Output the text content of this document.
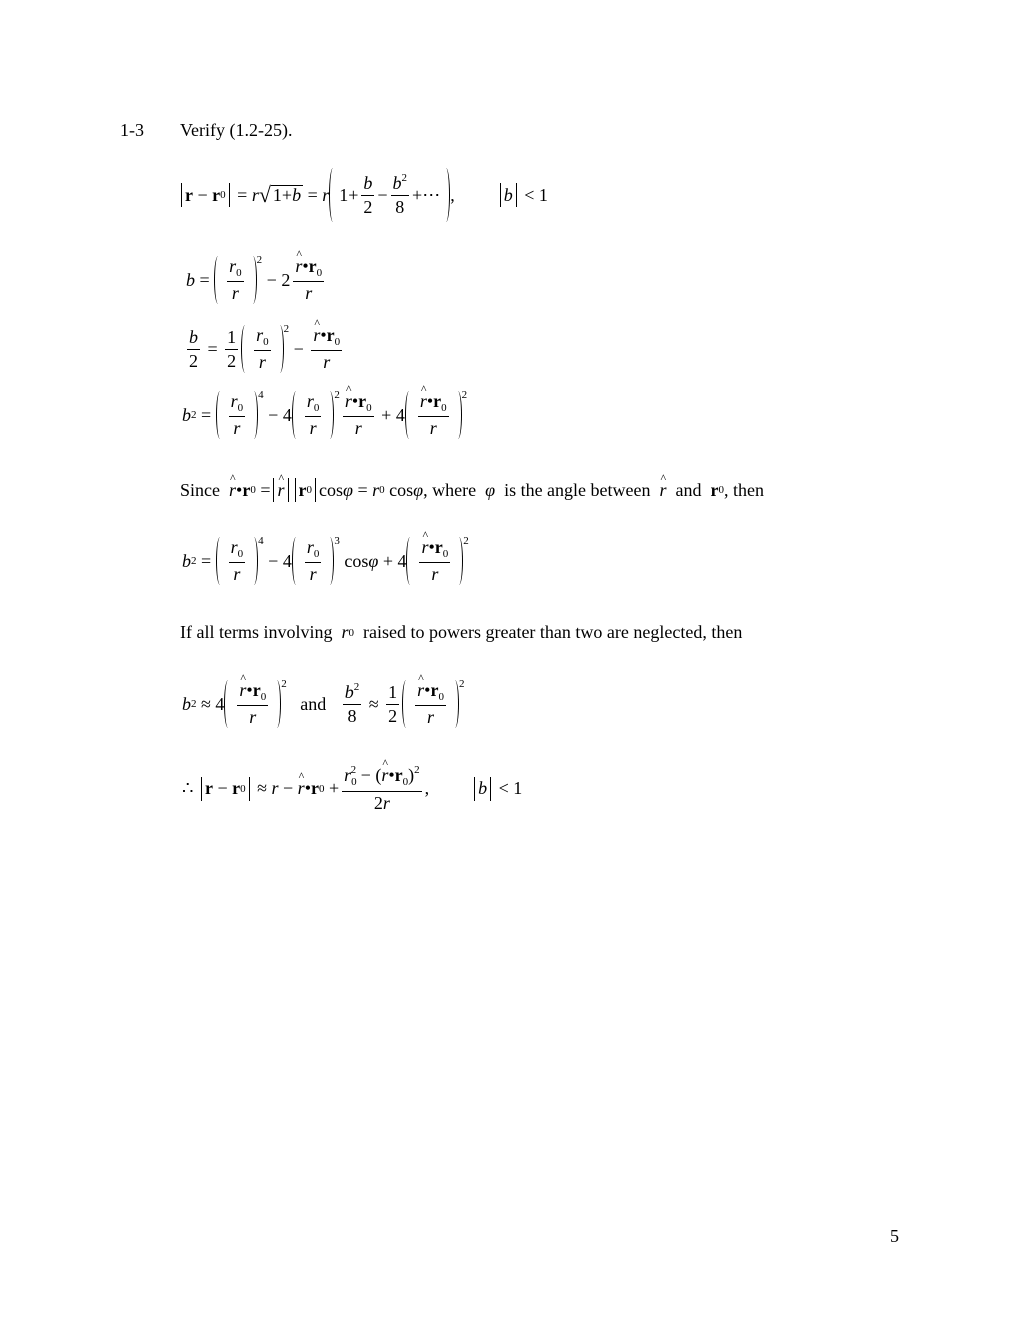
1-3 Verify (1.2-25).
r − r 0 = r √ 1+b = r $1+ \frac{b}{2} - \frac{b^2}{8}$ +⋯ ,	b
< 1
$b = \frac{r_0}{r} 2$
− 2 ^ $\frac{r•r_0}{r}$
$\frac{b}{2} = \frac{1}{2} \frac{r_0}{r} 2$
− ^ $\frac{r•r_0}{r}$
b $2 = \frac{r_0}{r} 4$
− $4 \frac{r_0}{r} 2$ ^ $\frac{r•r_0}{r} + 4$ ^ $\frac{r•r_0}{r} 2$
Since
^ r • r 0 = ^ r r 0 cos φ = r 0 cos φ , where
φ
is the angle between
^ r
and
r 0 , then
b $2 = \frac{r_0}{r} 4$
− $4 \frac{r_0}{r} 3$
cos φ + 4 ^ $\frac{r•r_0}{r} 2$
If all terms involving
r 0
raised to powers greater than two are neglected, then
b 2 ≈ 4 ^ $\frac{r•r_0}{r} 2$

and
$\frac{b^2}{8} \approx \frac{1}{2}$ ^ $\frac{r•r_0}{r} 2$
∴
r − r 0 ≈ r − ^ r • r $0 + \frac{r_0^2 - (\^{} r•r_0)^2}{2r}$ ,	b
< 1
5
